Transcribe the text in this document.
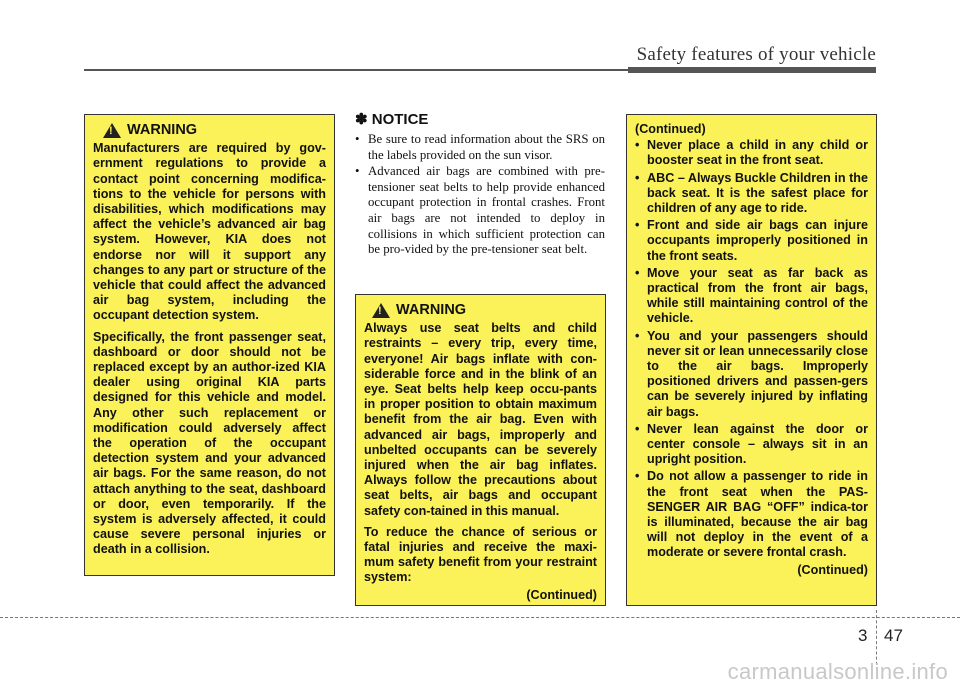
Safety features of your vehicle
!
WARNING

Manufacturers are required by gov-ernment regulations to provide a contact point concerning modifica-tions to the vehicle for persons with disabilities, which modifications may affect the vehicle’s advanced air bag system. However, KIA does not endorse nor will it support any changes to any part or structure of the vehicle that could affect the advanced air bag system, including the occupant detection system.

Specifically, the front passenger seat, dashboard or door should not be replaced except by an author-ized KIA dealer using original KIA parts designed for this vehicle and model. Any other such replacement or modification could adversely affect the operation of the occupant detection system and your advanced air bags. For the same reason, do not attach anything to the seat, dashboard or door, even temporarily. If the system is adversely affected, it could cause severe personal injuries or death in a collision.

✽ NOTICE
• Be sure to read information about the SRS on the labels provided on the sun visor.
• Advanced air bags are combined with pre-tensioner seat belts to help provide enhanced occupant protection in frontal crashes. Front air bags are not intended to deploy in collisions in which sufficient protection can be pro-vided by the pre-tensioner seat belt.
!
WARNING

Always use seat belts and child restraints – every trip, every time, everyone! Air bags inflate with con-siderable force and in the blink of an eye. Seat belts help keep occu-pants in proper position to obtain maximum benefit from the air bag. Even with advanced air bags, improperly and unbelted occupants can be severely injured when the air bag inflates. Always follow the precautions about seat belts, air bags and occupant safety con-tained in this manual.

To reduce the chance of serious or fatal injuries and receive the maxi-mum safety benefit from your restraint system:

(Continued)
(Continued)
• Never place a child in any child or booster seat in the front seat.
• ABC – Always Buckle Children in the back seat. It is the safest place for children of any age to ride.
• Front and side air bags can injure occupants improperly positioned in the front seats.
• Move your seat as far back as practical from the front air bags, while still maintaining control of the vehicle.
• You and your passengers should never sit or lean unnecessarily close to the air bags. Improperly positioned drivers and passen-gers can be severely injured by inflating air bags.
• Never lean against the door or center console – always sit in an upright position.
• Do not allow a passenger to ride in the front seat when the PAS-SENGER AIR BAG “OFF” indica-tor is illuminated, because the air bag will not deploy in the event of a moderate or severe frontal crash.
(Continued)
3 47
carmanualsonline.info
